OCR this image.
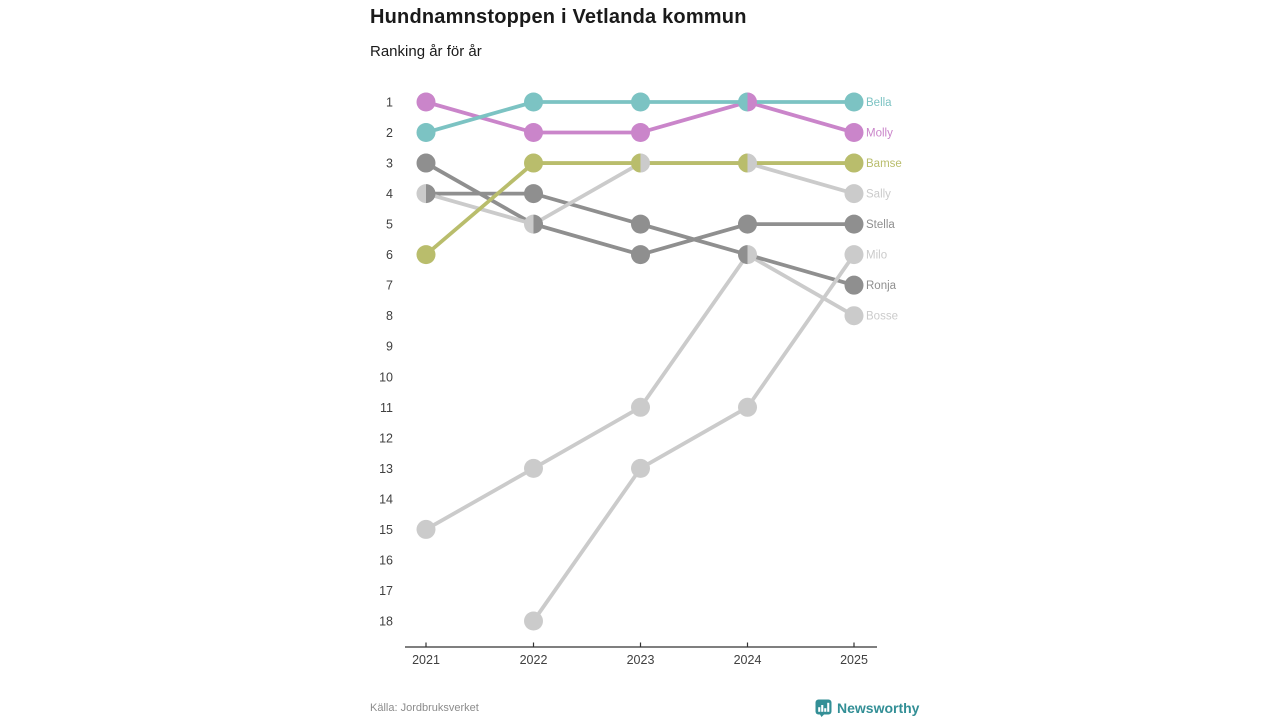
Hundnamnstoppen i Vetlanda kommun
Ranking år för år
1
2
3
4
5
6
7
8
9
10
11
12
13
14
15
16
17
18
2021	2022	2023	2024	2025
Bella
Molly
Bamse
Sally
Stella
Milo
Ronja
Bosse
Källa: Jordbruksverket	Newsworthy
